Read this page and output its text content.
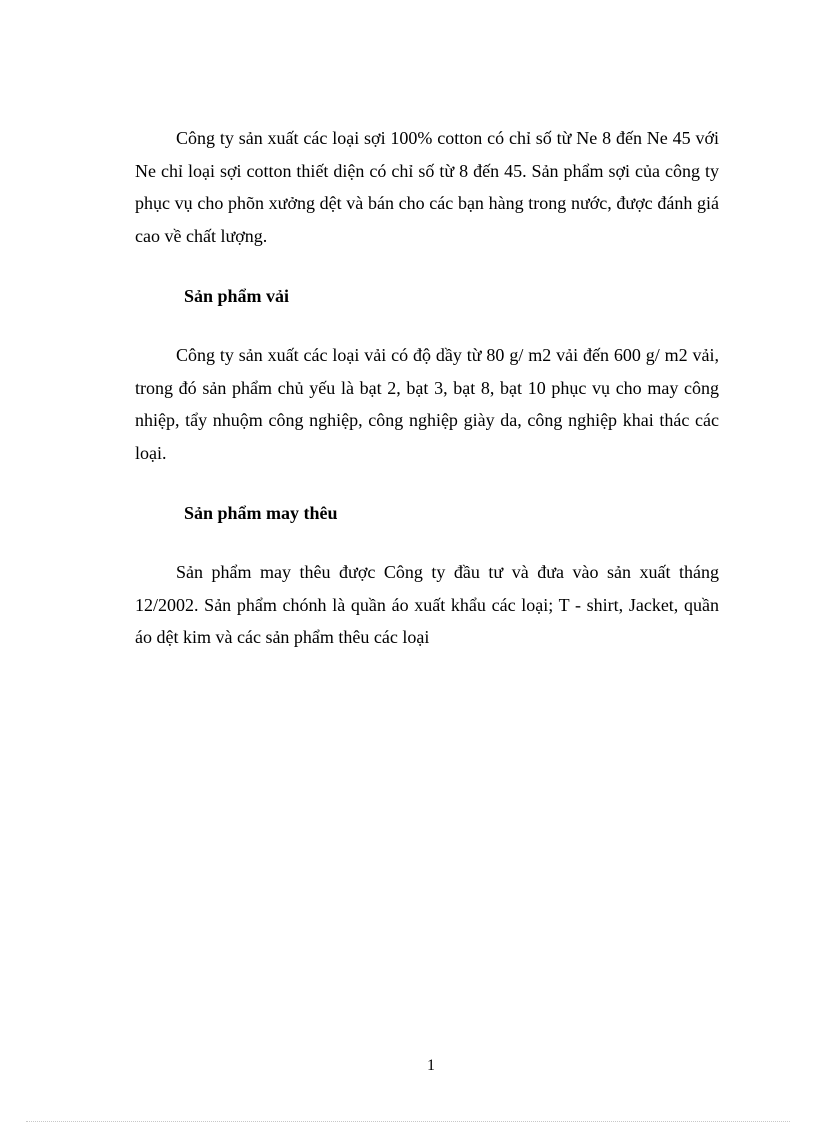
Công ty sản xuất các loại sợi 100% cotton có chỉ số từ Ne 8 đến Ne 45 với Ne chỉ loại sợi cotton thiết diện có chỉ số từ 8 đến 45. Sản phẩm sợi của công ty phục vụ cho phõn xưởng dệt và bán cho các bạn hàng trong nước, được đánh giá cao về chất lượng.

Sản phẩm vải

Công ty sản xuất các loại vải có độ dầy từ 80 g/ m2 vải đến 600 g/ m2 vải, trong đó sản phẩm chủ yếu là bạt 2, bạt 3, bạt 8, bạt 10 phục vụ cho may công nhiệp, tẩy nhuộm công nghiệp, công nghiệp giày da, công nghiệp khai thác các loại.

Sản phẩm may thêu

Sản phẩm may thêu được Công ty đầu tư và đưa vào sản xuất tháng 12/2002. Sản phẩm chónh là quần áo xuất khẩu các loại; T - shirt, Jacket, quần áo dệt kim và các sản phẩm thêu các loại

1
